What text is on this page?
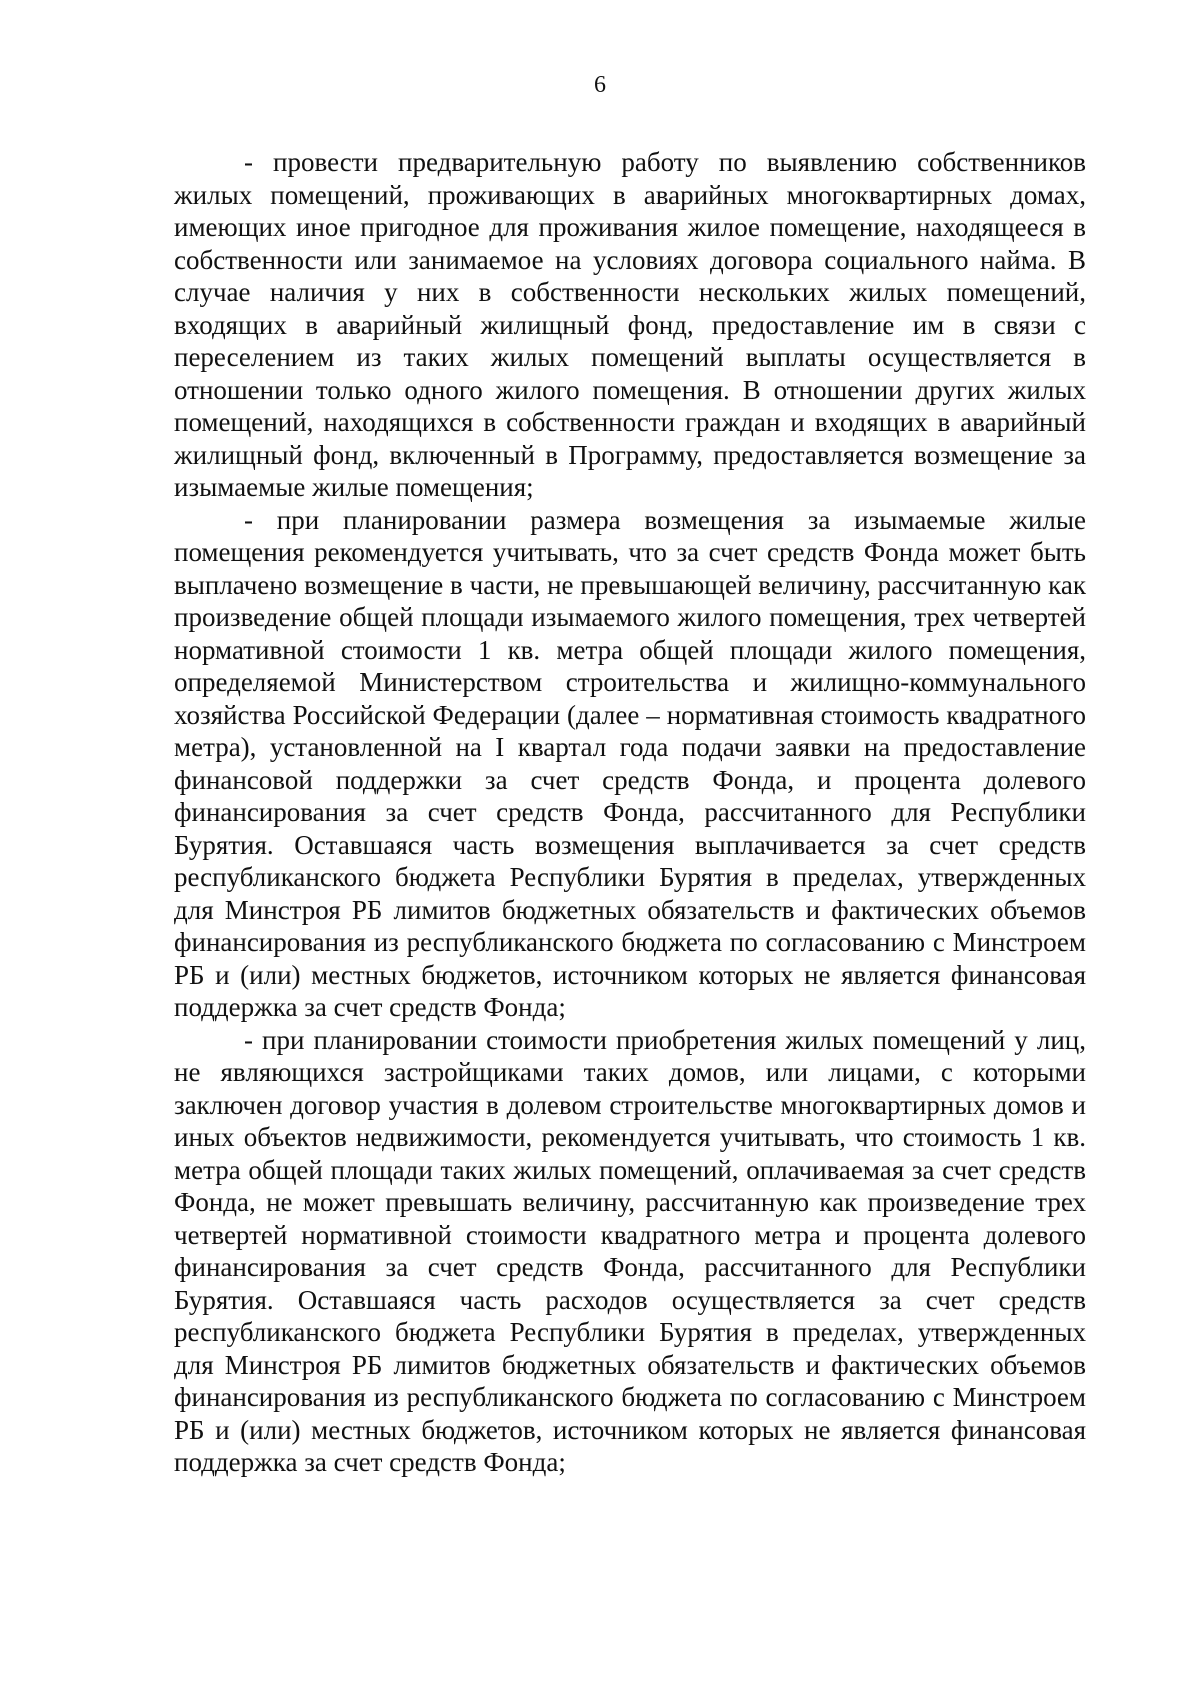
6

- провести предварительную работу по выявлению собственников жилых помещений, проживающих в аварийных многоквартирных домах, имеющих иное пригодное для проживания жилое помещение, находящееся в собственности или занимаемое на условиях договора социального найма. В случае наличия у них в собственности нескольких жилых помещений, входящих в аварийный жилищный фонд, предоставление им в связи с переселением из таких жилых помещений выплаты осуществляется в отношении только одного жилого помещения. В отношении других жилых помещений, находящихся в собственности граждан и входящих в аварийный жилищный фонд, включенный в Программу, предоставляется возмещение за изымаемые жилые помещения;

- при планировании размера возмещения за изымаемые жилые помещения рекомендуется учитывать, что за счет средств Фонда может быть выплачено возмещение в части, не превышающей величину, рассчитанную как произведение общей площади изымаемого жилого помещения, трех четвертей нормативной стоимости 1 кв. метра общей площади жилого помещения, определяемой Министерством строительства и жилищно-коммунального хозяйства Российской Федерации (далее – нормативная стоимость квадратного метра), установленной на I квартал года подачи заявки на предоставление финансовой поддержки за счет средств Фонда, и процента долевого финансирования за счет средств Фонда, рассчитанного для Республики Бурятия. Оставшаяся часть возмещения выплачивается за счет средств республиканского бюджета Республики Бурятия в пределах, утвержденных для Минстроя РБ лимитов бюджетных обязательств и фактических объемов финансирования из республиканского бюджета по согласованию с Минстроем РБ и (или) местных бюджетов, источником которых не является финансовая поддержка за счет средств Фонда;

- при планировании стоимости приобретения жилых помещений у лиц, не являющихся застройщиками таких домов, или лицами, с которыми заключен договор участия в долевом строительстве многоквартирных домов и иных объектов недвижимости, рекомендуется учитывать, что стоимость 1 кв. метра общей площади таких жилых помещений, оплачиваемая за счет средств Фонда, не может превышать величину, рассчитанную как произведение трех четвертей нормативной стоимости квадратного метра и процента долевого финансирования за счет средств Фонда, рассчитанного для Республики Бурятия. Оставшаяся часть расходов осуществляется за счет средств республиканского бюджета Республики Бурятия в пределах, утвержденных для Минстроя РБ лимитов бюджетных обязательств и фактических объемов финансирования из республиканского бюджета по согласованию с Минстроем РБ и (или) местных бюджетов, источником которых не является финансовая поддержка за счет средств Фонда;
